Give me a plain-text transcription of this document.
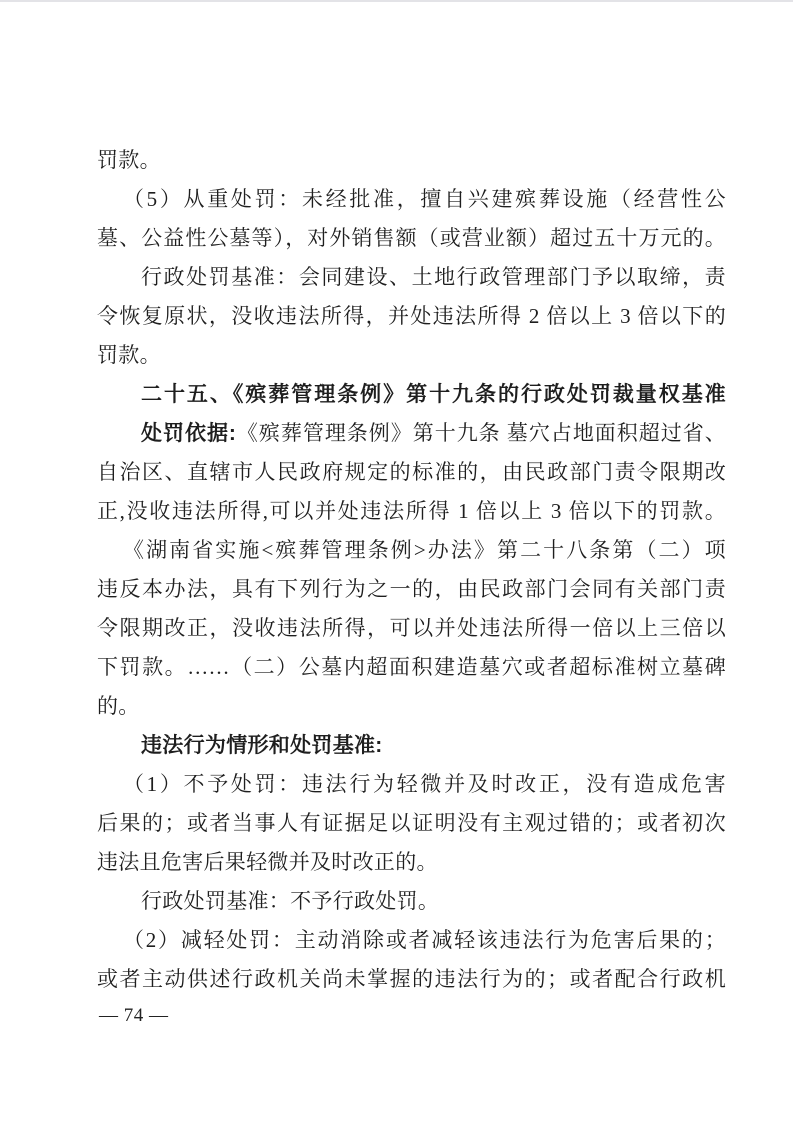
罚款。
（5）从重处罚：未经批准，擅自兴建殡葬设施（经营性公
墓、公益性公墓等），对外销售额（或营业额）超过五十万元的。
行政处罚基准：会同建设、土地行政管理部门予以取缔，责
令恢复原状，没收违法所得，并处违法所得 2 倍以上 3 倍以下的
罚款。
二十五、《殡葬管理条例》第十九条的行政处罚裁量权基准
处罚依据:《殡葬管理条例》第十九条 墓穴占地面积超过省、
自治区、直辖市人民政府规定的标准的，由民政部门责令限期改
正,没收违法所得,可以并处违法所得 1 倍以上 3 倍以下的罚款。
《湖南省实施<殡葬管理条例>办法》第二十八条第（二）项
违反本办法，具有下列行为之一的，由民政部门会同有关部门责
令限期改正，没收违法所得，可以并处违法所得一倍以上三倍以
下罚款。……（二）公墓内超面积建造墓穴或者超标准树立墓碑
的。
违法行为情形和处罚基准:
（1）不予处罚：违法行为轻微并及时改正，没有造成危害
后果的；或者当事人有证据足以证明没有主观过错的；或者初次
违法且危害后果轻微并及时改正的。
行政处罚基准：不予行政处罚。
（2）减轻处罚：主动消除或者减轻该违法行为危害后果的；
或者主动供述行政机关尚未掌握的违法行为的；或者配合行政机
— 74 —
